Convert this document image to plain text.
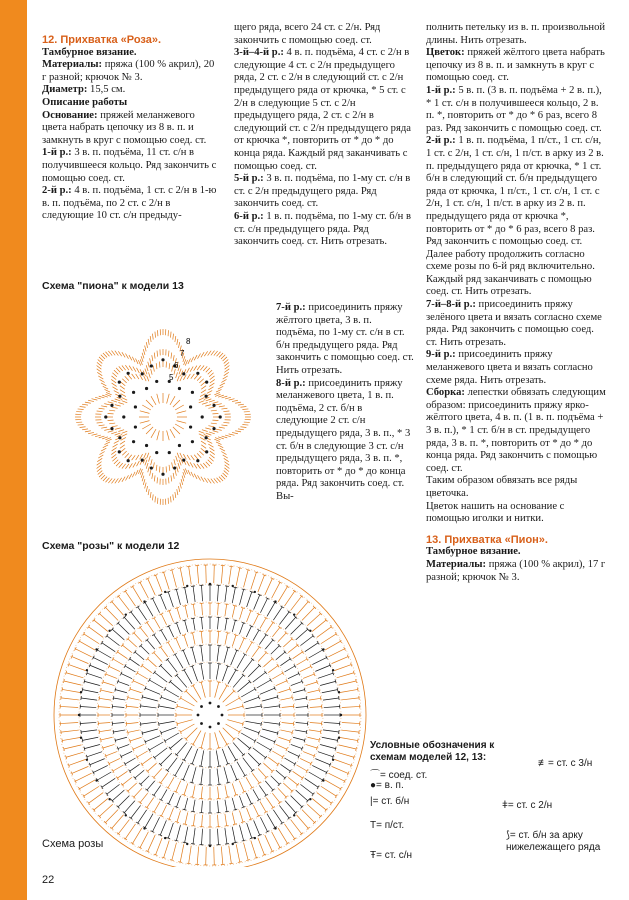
12. Прихватка «Роза».

Тамбурное вязание.

Материалы: пряжа (100 % акрил), 20 г разной; крючок № 3.

Диаметр: 15,5 см.

Описание работы

Основание: пряжей меланжевого цвета набрать цепочку из 8 в. п. и замкнуть в круг с помощью соед. ст.

1-й р.: 3 в. п. подъёма, 11 ст. с/н в получившееся кольцо. Ряд закончить с помощью соед. ст.

2-й р.: 4 в. п. подъёма, 1 ст. с 2/н в 1-ю в. п. подъёма, по 2 ст. с 2/н в следующие 10 ст. с/н предыду-

щего ряда, всего 24 ст. с 2/н. Ряд закончить с помощью соед. ст.

3-й–4-й р.: 4 в. п. подъёма, 4 ст. с 2/н в следующие 4 ст. с 2/н предыдущего ряда, 2 ст. с 2/н в следующий ст. с 2/н предыдущего ряда от крючка, * 5 ст. с 2/н в следующие 5 ст. с 2/н предыдущего ряда, 2 ст. с 2/н в следующий ст. с 2/н предыдущего ряда от крючка *, повторить от * до * до конца ряда. Каждый ряд заканчивать с помощью соед. ст.

5-й р.: 3 в. п. подъёма, по 1-му ст. с/н в ст. с 2/н предыдущего ряда. Ряд закончить соед. ст.

6-й р.: 1 в. п. подъёма, по 1-му ст. б/н в ст. с/н предыдущего ряда. Ряд закончить соед. ст. Нить отрезать.

7-й р.: присоединить пряжу жёлтого цвета, 3 в. п. подъёма, по 1-му ст. с/н в ст. б/н предыдущего ряда. Ряд закончить с помощью соед. ст. Нить отрезать.

8-й р.: присоединить пряжу меланжевого цвета, 1 в. п. подъёма, 2 ст. б/н в следующие 2 ст. с/н предыдущего ряда, 3 в. п., * 3 ст. б/н в следующие 3 ст. с/н предыдущего ряда, 3 в. п. *, повторить от * до * до конца ряда. Ряд закончить соед. ст. Вы-

полнить петельку из в. п. произвольной длины. Нить отрезать.

Цветок: пряжей жёлтого цвета набрать цепочку из 8 в. п. и замкнуть в круг с помощью соед. ст.

1-й р.: 5 в. п. (3 в. п. подъёма + 2 в. п.), * 1 ст. с/н в получившееся кольцо, 2 в. п. *, повторить от * до * 6 раз, всего 8 раз. Ряд закончить с помощью соед. ст.

2-й р.: 1 в. п. подъёма, 1 п/ст., 1 ст. с/н, 1 ст. с 2/н, 1 ст. с/н, 1 п/ст. в арку из 2 в. п. предыдущего ряда от крючка, * 1 ст. б/н в следующий ст. б/н предыдущего ряда от крючка, 1 п/ст., 1 ст. с/н, 1 ст. с 2/н, 1 ст. с/н, 1 п/ст. в арку из 2 в. п. предыдущего ряда от крючка *, повторить от * до * 6 раз, всего 8 раз. Ряд закончить с помощью соед. ст.

Далее работу продолжить согласно схеме розы по 6-й ряд включительно. Каждый ряд заканчивать с помощью соед. ст. Нить отрезать.

7-й–8-й р.: присоединить пряжу зелёного цвета и вязать согласно схеме ряда. Ряд закончить с помощью соед. ст. Нить отрезать.

9-й р.: присоединить пряжу меланжевого цвета и вязать согласно схеме ряда. Нить отрезать.

Сборка: лепестки обвязать следующим образом: присоединить пряжу ярко-жёлтого цвета, 4 в. п. (1 в. п. подъёма + 3 в. п.), * 1 ст. б/н в ст. предыдущего ряда, 3 в. п. *, повторить от * до * до конца ряда. Ряд закончить с помощью соед. ст.

Таким образом обвязать все ряды цветочка.

Цветок нашить на основание с помощью иголки и нитки.

13. Прихватка «Пион».

Тамбурное вязание.

Материалы: пряжа (100 % акрил), 17 г разной; крючок № 3.

Схема "пиона" к модели 13
Схема "розы" к модели 12
Схема розы
8
7
6
5
Условные обозначения к схемам моделей 12, 13:
⌒= соед. ст.
●= в. п.
|= ст. б/н
T= п/ст.
Ŧ= ст. с/н
≢= ст. с 3/н
ǂ= ст. с 2/н
⟆= ст. б/н за арку нижележащего ряда
22
